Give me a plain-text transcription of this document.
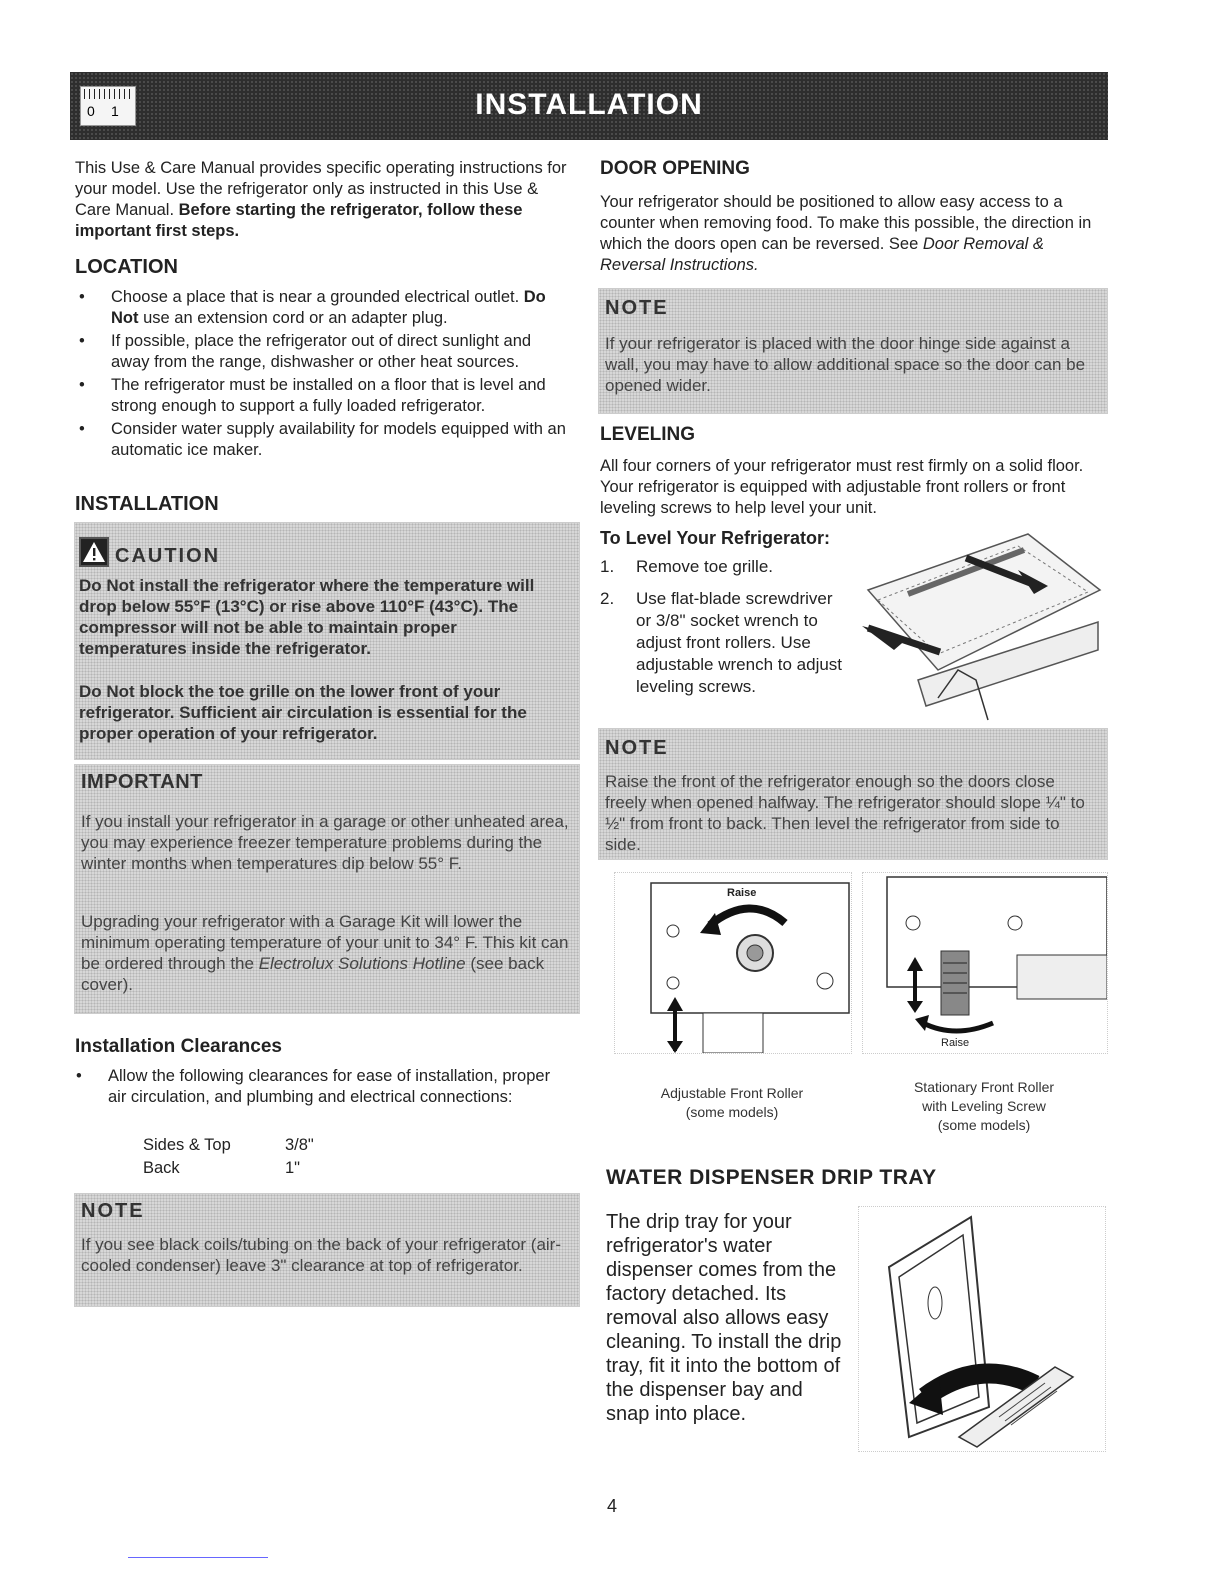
0 1	INSTALLATION

This Use & Care Manual provides specific operating instructions for your model. Use the refrigerator only as instructed in this Use & Care Manual. Before starting the refrigerator, follow these important first steps.

LOCATION
• Choose a place that is near a grounded electrical outlet. Do Not use an extension cord or an adapter plug.
• If possible, place the refrigerator out of direct sunlight and away from the range, dishwasher or other heat sources.
• The refrigerator must be installed on a floor that is level and strong enough to support a fully loaded refrigerator.
• Consider water supply availability for models equipped with an automatic ice maker.
INSTALLATION
CAUTION

Do Not install the refrigerator where the temperature will drop below 55°F (13°C) or rise above 110°F (43°C). The compressor will not be able to maintain proper temperatures inside the refrigerator.

Do Not block the toe grille on the lower front of your refrigerator. Sufficient air circulation is essential for the proper operation of your refrigerator.

IMPORTANT

If you install your refrigerator in a garage or other unheated area, you may experience freezer temperature problems during the winter months when temperatures dip below 55° F.

Upgrading your refrigerator with a Garage Kit will lower the minimum operating temperature of your unit to 34° F. This kit can be ordered through the Electrolux Solutions Hotline (see back cover).

Installation Clearances
• Allow the following clearances for ease of installation, proper air circulation, and plumbing and electrical connections:
Sides & Top	3/8"
Back	1"
NOTE

If you see black coils/tubing on the back of your refrigerator (air-cooled condenser) leave 3" clearance at top of refrigerator.

DOOR OPENING

Your refrigerator should be positioned to allow easy access to a counter when removing food. To make this possible, the direction in which the doors open can be reversed. See Door Removal & Reversal Instructions.

NOTE

If your refrigerator is placed with the door hinge side against a wall, you may have to allow additional space so the door can be opened wider.

LEVELING

All four corners of your refrigerator must rest firmly on a solid floor. Your refrigerator is equipped with adjustable front rollers or front leveling screws to help level your unit.

To Level Your Refrigerator:
1. Remove toe grille.
2. Use flat-blade screwdriver or 3/8" socket wrench to adjust front rollers. Use adjustable wrench to adjust leveling screws.
NOTE

Raise the front of the refrigerator enough so the doors close freely when opened halfway. The refrigerator should slope ¼" to ½" from front to back. Then level the refrigerator from side to side.

Raise
Raise
Adjustable Front Roller
(some models)
Stationary Front Roller
with Leveling Screw
(some models)
WATER DISPENSER DRIP TRAY

The drip tray for your refrigerator's water dispenser comes from the factory detached. Its removal also allows easy cleaning. To install the drip tray, fit it into the bottom of the dispenser bay and snap into place.

4
